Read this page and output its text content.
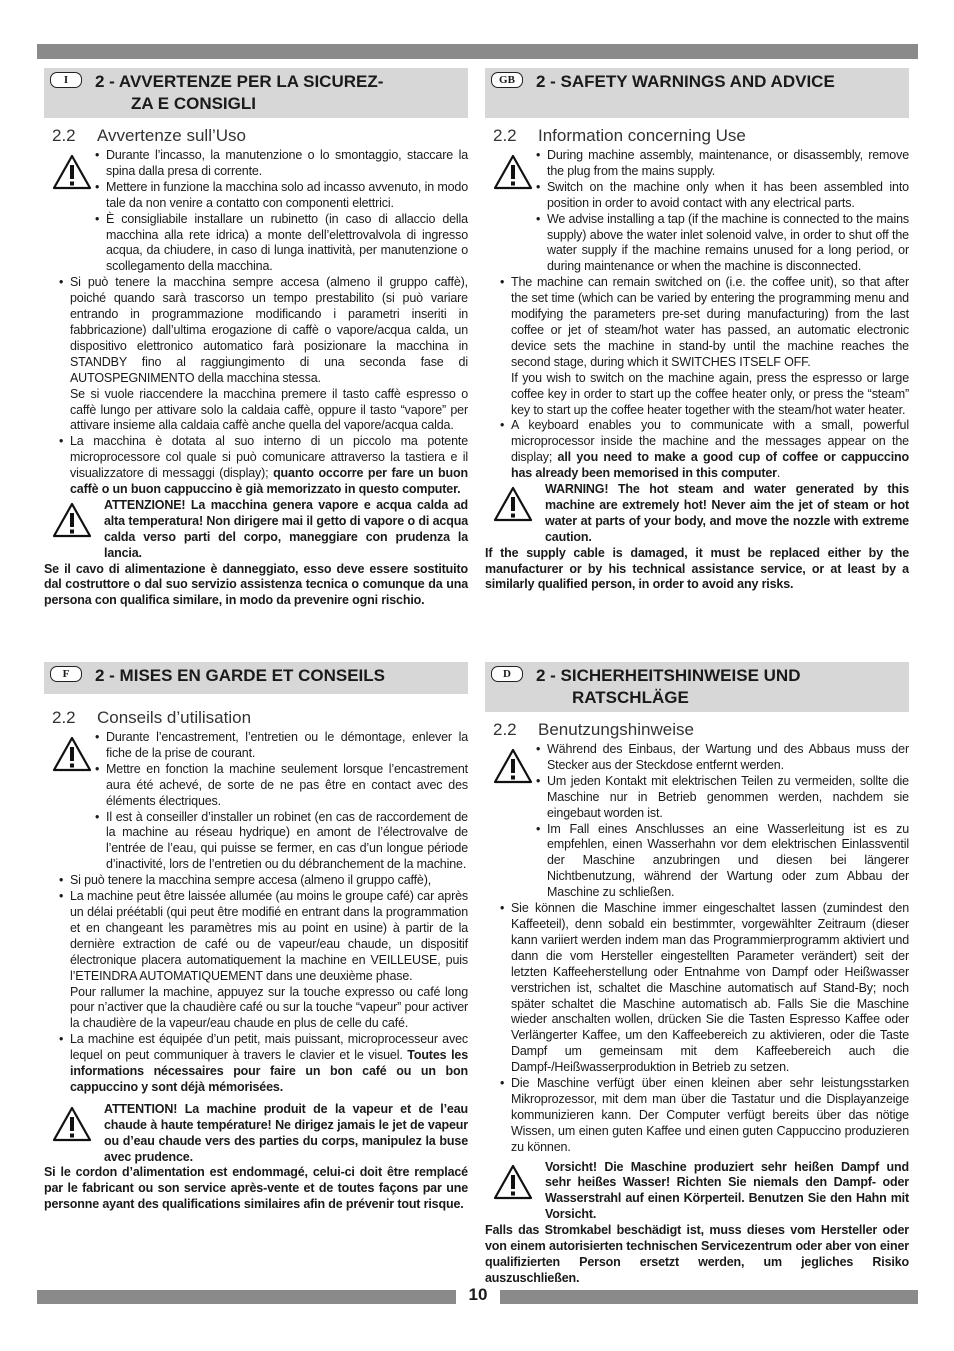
I	2 - AVVERTENZE PER LA SICUREZ-
ZA E CONSIGLI
2.2 Avvertenze sull’Uso
• Durante l’incasso, la manutenzione o lo smontaggio, staccare la spina dalla presa di corrente.
• Mettere in funzione la macchina solo ad incasso avvenuto, in modo tale da non venire a contatto con componenti elettrici.
• È consigliabile installare un rubinetto (in caso di allaccio della macchina alla rete idrica) a monte dell’elettrovalvola di ingresso acqua, da chiudere, in caso di lunga inattività, per manutenzione o scollegamento della macchina.
• Si può tenere la macchina sempre accesa (almeno il gruppo caffè), poiché quando sarà trascorso un tempo prestabilito (si può variare entrando in programmazione modificando i parametri inseriti in fabbricazione) dall’ultima erogazione di caffè o vapore/acqua calda, un dispositivo elettronico automatico farà posizionare la macchina in STANDBY fino al raggiungimento di una seconda fase di AUTOSPEGNIMENTO della macchina stessa.
Se si vuole riaccendere la macchina premere il tasto caffè espresso o caffè lungo per attivare solo la caldaia caffè, oppure il tasto “vapore” per attivare insieme alla caldaia caffè anche quella del vapore/acqua calda.
• La macchina è dotata al suo interno di un piccolo ma potente microprocessore col quale si può comunicare attraverso la tastiera e il visualizzatore di messaggi (display); quanto occorre per fare un buon caffè o un buon cappuccino è già memorizzato in questo computer.
ATTENZIONE! La macchina genera vapore e acqua calda ad alta temperatura! Non dirigere mai il getto di vapore o di acqua calda verso parti del corpo, maneggiare con prudenza la lancia.
Se il cavo di alimentazione è danneggiato, esso deve essere sostituito dal costruttore o dal suo servizio assistenza tecnica o comunque da una persona con qualifica similare, in modo da prevenire ogni rischio.
F	2 - MISES EN GARDE ET CONSEILS
2.2 Conseils d’utilisation
• Durante l’encastrement, l’entretien ou le démontage, enlever la fiche de la prise de courant.
• Mettre en fonction la machine seulement lorsque l’encastrement aura été achevé, de sorte de ne pas être en contact avec des éléments électriques.
• Il est à conseiller d’installer un robinet (en cas de raccordement de la machine au réseau hydrique) en amont de l’électrovalve de l’entrée de l’eau, qui puisse se fermer, en cas d’un longue période d’inactivité, lors de l’entretien ou du débranchement de la machine.
• Si può tenere la macchina sempre accesa (almeno il gruppo caffè),
• La machine peut être laissée allumée (au moins le groupe café) car après un délai préétabli (qui peut être modifié en entrant dans la programmation et en changeant les paramètres mis au point en usine) à partir de la dernière extraction de café ou de vapeur/eau chaude, un dispositif électronique placera automatiquement la machine en VEILLEUSE, puis l’ETEINDRA AUTOMATIQUEMENT dans une deuxième phase.
Pour rallumer la machine, appuyez sur la touche expresso ou café long pour n’activer que la chaudière café ou sur la touche “vapeur” pour activer la chaudière de la vapeur/eau chaude en plus de celle du café.
• La machine est équipée d’un petit, mais puissant, microprocesseur avec lequel on peut communiquer à travers le clavier et le visuel. Toutes les informations nécessaires pour faire un bon café ou un bon cappuccino y sont déjà mémorisées.
ATTENTION! La machine produit de la vapeur et de l’eau chaude à haute température! Ne dirigez jamais le jet de vapeur ou d’eau chaude vers des parties du corps, manipulez la buse avec prudence.
Si le cordon d’alimentation est endommagé, celui-ci doit être remplacé par le fabricant ou son service après-vente et de toutes façons par une personne ayant des qualifications similaires afin de prévenir tout risque.
GB	2 - SAFETY WARNINGS AND ADVICE
2.2 Information concerning Use
• During machine assembly, maintenance, or disassembly, remove the plug from the mains supply.
• Switch on the machine only when it has been assembled into position in order to avoid contact with any electrical parts.
• We advise installing a tap (if the machine is connected to the mains supply) above the water inlet solenoid valve, in order to shut off the water supply if the machine remains unused for a long period, or during maintenance or when the machine is disconnected.
• The machine can remain switched on (i.e. the coffee unit), so that after the set time (which can be varied by entering the programming menu and modifying the parameters pre-set during manufacturing) from the last coffee or jet of steam/hot water has passed, an automatic electronic device sets the machine in stand-by until the machine reaches the second stage, during which it SWITCHES ITSELF OFF.
If you wish to switch on the machine again, press the espresso or large coffee key in order to start up the coffee heater only, or press the “steam” key to start up the coffee heater together with the steam/hot water heater.
• A keyboard enables you to communicate with a small, powerful microprocessor inside the machine and the messages appear on the display; all you need to make a good cup of coffee or cappuccino has already been memorised in this computer.
WARNING! The hot steam and water generated by this machine are extremely hot! Never aim the jet of steam or hot water at parts of your body, and move the nozzle with extreme caution.
If the supply cable is damaged, it must be replaced either by the manufacturer or by his technical assistance service, or at least by a similarly qualified person, in order to avoid any risks.
D	2 - SICHERHEITSHINWEISE UND
RATSCHLÄGE
2.2 Benutzungshinweise
• Während des Einbaus, der Wartung und des Abbaus muss der Stecker aus der Steckdose entfernt werden.
• Um jeden Kontakt mit elektrischen Teilen zu vermeiden, sollte die Maschine nur in Betrieb genommen werden, nachdem sie eingebaut worden ist.
• Im Fall eines Anschlusses an eine Wasserleitung ist es zu empfehlen, einen Wasserhahn vor dem elektrischen Einlassventil der Maschine anzubringen und diesen bei längerer Nichtbenutzung, während der Wartung oder zum Abbau der Maschine zu schließen.
• Sie können die Maschine immer eingeschaltet lassen (zumindest den Kaffeeteil), denn sobald ein bestimmter, vorgewählter Zeitraum (dieser kann variiert werden indem man das Programmierprogramm aktiviert und dann die vom Hersteller eingestellten Parameter verändert) seit der letzten Kaffeeherstellung oder Entnahme von Dampf oder Heißwasser verstrichen ist, schaltet die Maschine automatisch auf Stand-By; noch später schaltet die Maschine automatisch ab. Falls Sie die Maschine wieder anschalten wollen, drücken Sie die Tasten Espresso Kaffee oder Verlängerter Kaffee, um den Kaffeebereich zu aktivieren, oder die Taste Dampf um gemeinsam mit dem Kaffeebereich auch die Dampf-/Heißwasserproduktion in Betrieb zu setzen.
• Die Maschine verfügt über einen kleinen aber sehr leistungsstarken Mikroprozessor, mit dem man über die Tastatur und die Displayanzeige kommunizieren kann. Der Computer verfügt bereits über das nötige Wissen, um einen guten Kaffee und einen guten Cappuccino produzieren zu können.
Vorsicht! Die Maschine produziert sehr heißen Dampf und sehr heißes Wasser! Richten Sie niemals den Dampf- oder Wasserstrahl auf einen Körperteil. Benutzen Sie den Hahn mit Vorsicht.
Falls das Stromkabel beschädigt ist, muss dieses vom Hersteller oder von einem autorisierten technischen Servicezentrum oder aber von einer qualifizierten Person ersetzt werden, um jegliches Risiko auszuschließen.
10
